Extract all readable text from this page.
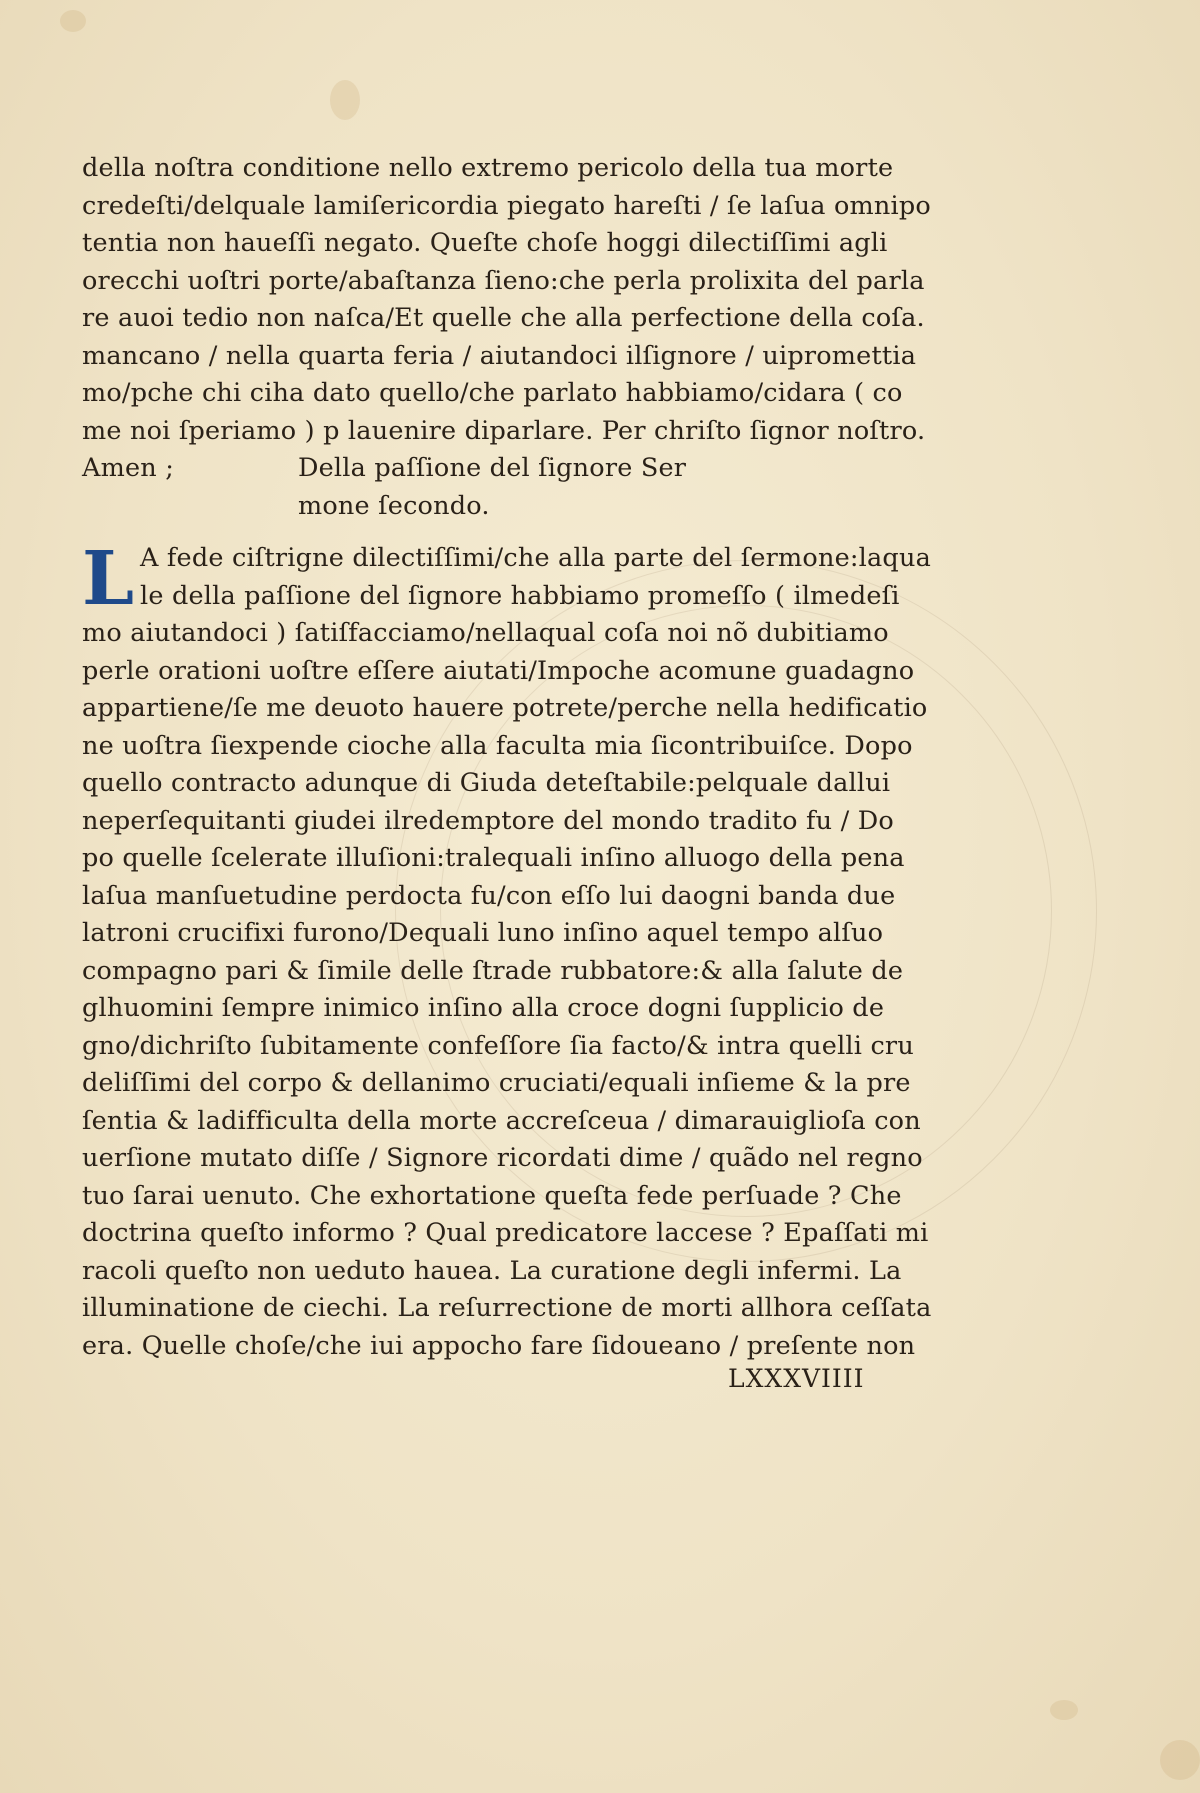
della noſtra conditione nello extremo pericolo della tua morte
credeſti/delquale lamiſericordia piegato hareſti / ſe laſua omnipo
tentia non haueſſi negato. Queſte choſe hoggi dilectiſſimi agli
orecchi uoſtri porte/abaſtanza ſieno:che perla prolixita del parla
re auoi tedio non naſca/Et quelle che alla perfectione della coſa.
mancano / nella quarta feria / aiutandoci ilſignore / uipromettia
mo/pche chi ciha dato quello/che parlato habbiamo/cidara ( co
me noi ſperiamo ) p lauenire diparlare. Per chriſto ſignor noſtro.
Amen ;	Della paſſione del ſignore Ser
mone ſecondo.
L A fede ciſtrigne dilectiſſimi/che alla parte del ſermone:laqua
le della paſſione del ſignore habbiamo promeſſo ( ilmedeſi
mo aiutandoci ) ſatiſfacciamo/nellaqual coſa noi nõ dubitiamo
perle orationi uoſtre eſſere aiutati/Impoche acomune guadagno
appartiene/ſe me deuoto hauere potrete/perche nella hedificatio
ne uoſtra ſiexpende cioche alla faculta mia ſicontribuiſce. Dopo
quello contracto adunque di Giuda deteſtabile:pelquale dallui
neperſequitanti giudei ilredemptore del mondo tradito fu / Do
po quelle ſcelerate illuſioni:tralequali inſino alluogo della pena
laſua manſuetudine perdocta fu/con eſſo lui daogni banda due
latroni crucifixi furono/Dequali luno inſino aquel tempo alſuo
compagno pari & ſimile delle ſtrade rubbatore:& alla ſalute de
glhuomini ſempre inimico inſino alla croce dogni ſupplicio de
gno/dichriſto ſubitamente confeſſore ſia facto/& intra quelli cru
deliſſimi del corpo & dellanimo cruciati/equali inſieme & la pre
ſentia & ladifficulta della morte accreſceua / dimarauiglioſa con
uerſione mutato diſſe / Signore ricordati dime / quãdo nel regno
tuo ſarai uenuto. Che exhortatione queſta fede perſuade ? Che
doctrina queſto informo ? Qual predicatore laccese ? Epaſſati mi
racoli queſto non ueduto hauea. La curatione degli infermi. La
illuminatione de ciechi. La reſurrectione de morti allhora ceſſata
era. Quelle choſe/che iui appocho fare ſidoueano / preſente non
LXXXVIIII
